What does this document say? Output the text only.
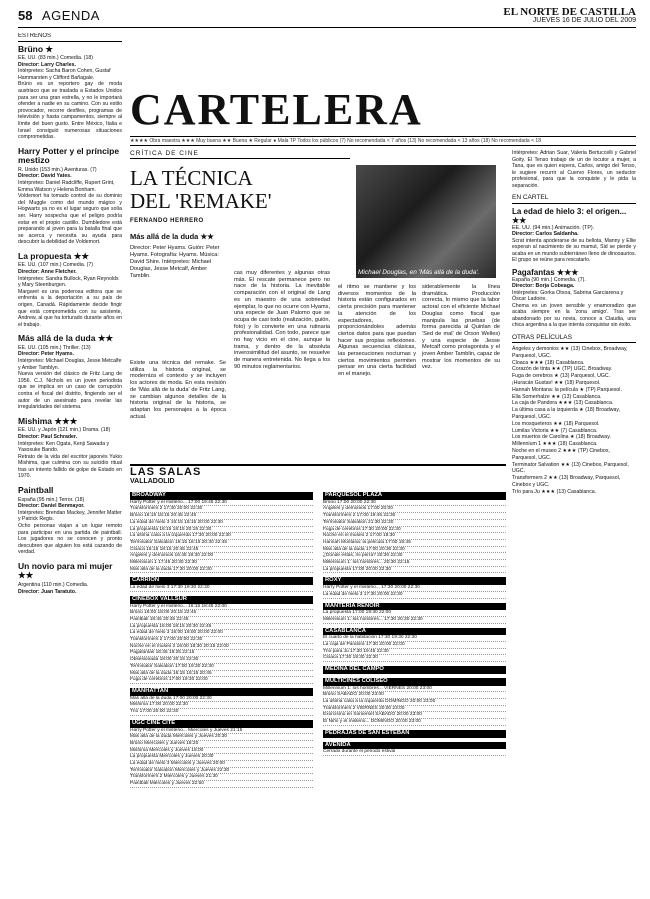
58 AGENDA	EL NORTE DE CASTILLA
JUEVES 16 DE JULIO DEL 2009
ESTRENOS
Brüno ★
EE. UU. (83 min.) Comedia. (18)
Director: Larry Charles.
Intérpretes: Sacha Baron Cohen, Gustaf Hammarsten y Clifford Bañagale.
Brüno es un reportero gay de moda austriaco que se traslada a Estados Unidos para ser una gran estrella, y no le importará ofender a nadie en su camino. Con su estilo provocador, recorre desfiles, programas de televisión y hasta campamentos, siempre al límite del buen gusto. Entre México, Italia e Israel consiguió numerosas situaciones comprometidas.
Harry Potter y el príncipe mestizo
R. Unido (153 min.) Aventuras. (7)
Director: David Yates.
Intérpretes: Daniel Radcliffe, Rupert Grint, Emma Watson y Helena Bonham.
Voldemort ha tomado control de su dominio del Muggle como del mundo mágico y Hogwarts ya no es el lugar seguro que solía ser. Harry sospecha que el peligro podría estar en el propio castillo. Dumbledore está preparando al joven para la batalla final que se acerca y necesita su ayuda para descubrir la debilidad de Voldemort.
La propuesta ★★
EE. UU. (107 min.) Comedia. (7)
Director: Anne Fletcher.
Intérpretes: Sandra Bullock, Ryan Reynolds y Mary Steenburgen.
Margaret es una poderosa editora que se enfrenta a la deportación a su país de origen, Canadá. Rápidamente decide fingir que está comprometida con su asistente, Andrew, al que ha torturado durante años en el trabajo.
Más allá de la duda ★★
EE. UU. (105 min.) Thriller. (13)
Director: Peter Hyams.
Intérpretes: Michael Douglas, Jesse Metcalfe y Amber Tamblyn.
Nueva versión del clásico de Fritz Lang de 1956. C.J. Nichols es un joven periodista que se implica en un caso de corrupción contra el fiscal del distrito, fingiendo ser el autor de un asesinato para revelar las irregularidades del sistema.
Mishima ★★★
EE. UU. y Japón (121 min.) Drama. (18)
Director: Paul Schrader.
Intérpretes: Ken Ogata, Kenji Sawada y Yasosuke Bando.
Retrato de la vida del escritor japonés Yukio Mishima, que culmina con su suicidio ritual tras un intento fallido de golpe de Estado en 1970.
Paintball
España (95 min.) Terror. (18)
Director: Daniel Benmayor.
Intérpretes: Brendan Mackey, Jennifer Matter y Patrick Regis.
Ocho personas viajan a un lugar remoto para participar en una partida de paintball. Los jugadores no se conocen y pronto descubren que alguien los está cazando de verdad.
Un novio para mi mujer ★★
Argentina (110 min.) Comedia.
Director: Juan Taratuto.
CARTELERA
★★★★ Obra maestra ★★★ Muy buena ★★ Buena ★ Regular ● Mala TP Todos los públicos (7) No recomendada < 7 años (13) No recomendada < 13 años (18) No recomendada < 18
CRÍTICA DE CINE
LA TÉCNICA
DEL 'REMAKE'
FERNANDO HERRERO
Más allá de la duda ★★
Director: Peter Hyams. Guión: Peter Hyams. Fotografía: Hyams. Música: David Shire. Intérpretes: Michael Douglas, Jesse Metcalf, Amber Tamblin.
Existe una técnica del remake. Se utiliza la historia original, se moderniza el contexto y se incluyen los actores de moda. En esta revisión de 'Más allá de la duda' de Fritz Lang, se cambian algunos detalles de la historia original de la historia, se adaptan los personajes a la época actual.
cas muy diferentes y algunas otras más. El rescate permanece pero no nace de la historia. La inevitable comparación con el original de Lang es un maestro de una sobriedad ejemplar, lo que no ocurre con Hyams, una especie de Juan Palomo que se ocupa de casi todo (realización, guión, foto) y lo convierte en una rutinaria profesionalidad. Con todo, parece que no hay vicio en el cine, aunque la trama, y dentro de la absoluta inverosimilitud del asunto, se resuelve de manera entretenida. No llega a los 90 minutos reglamentarios.
Michael Douglas, en 'Más allá de la duda'.
el ritmo se mantiene y los diversos momentos de la historia están configurados en cierta precisión para mantener la atención de los espectadores, proporcionándoles además ciertos datos para que puedan hacer sus propias reflexiones. Algunas secuencias clásicas, las persecuciones nocturnas y ciertos movimientos permiten pensar en una cierta facilidad en el manejo.
siderablemente la línea dramática. Producción correcta, lo mismo que la labor actoral con el eficiente Michael Douglas como fiscal que manipula las pruebas (de forma parecida al Quinlan de 'Sed de mal' de Orson Welles) y una especie de Jesse Metcalf como protagonista y el joven Amber Tamblin, capaz de mostrar los momentos de su vez.
Intérpretes: Adrian Suar, Valeria Bertuccelli y Gabriel Goity. El Tenso trabajo de un de locutor a mujer, a Tana, que es quien espera, Carlos, amigo del Tenso, le sugiere recurrir al Cuervo Flores, un seductor profesional, para que la conquiste y le pida la separación.
EN CARTEL
La edad de hielo 3: el origen... ★★
EE. UU. (94 min.) Animación. (TP).
Director: Carlos Saldanha.
Scrat intenta apoderarse de su bellota, Manny y Ellie esperan al nacimiento de su mamut, Sid se pierde y acaba en un mundo subterráneo lleno de dinosaurios. El grupo se reúne para rescatarlo.
Pagafantas ★★★
España (90 min.) Comedia. (7).
Director: Borja Cobeaga.
Intérpretes: Gorka Otxoa, Sabrina Garciarena y Óscar Ladoire.
Chema es un joven sensible y enamoradizo que acaba siempre en la 'zona amigo'. Tras ser abandonado por su novia, conoce a Claudia, una chica argentina a la que intenta conquistar sin éxito.
OTRAS PELÍCULAS
Ángeles y demonios ★★ (13) Cinebox, Broadway, Parquesol, UGC.
Cloaca ★★★ (18) Casablanca.
Corazón de tinta ★★ (TP) UGC, Broadway.
Fuga de cerebros ★ (13) Parquesol, UGC.
¡Huracán Gustav! ★★ (18) Parquesol.
Hannah Montana: la película ★ (TP) Parquesol.
Ella Somerhalze ★★ (13) Casablanca.
La caja de Pandora ★★★ (13) Casablanca.
La última casa a la izquierda ★ (18) Broadway, Parquesol, UGC.
Los mosqueteros ★★ (18) Parquesol.
Lumilas Victoria ★★ (7) Casablanca.
Los muertos de Carolina ★ (18) Broadway.
Millennium 1 ★★★ (18) Casablanca.
Noche en el museo 2 ★★★ (TP) Cinebox, Parquesol, UGC.
Terminator Salvation ★★ (13) Cinebox, Parquesol, UGC.
Transformers 2 ★★ (13) Broadway, Parquesol, Cinebox y UGC.
Trío para Ju ★★★ (13) Casablanca.
LAS SALAS
VALLADOLID
BROADWAY
Harry Potter y el misterio... 17:00 19:45 22:30
Transformers 2 17:30 20:00 22:30
Brüno 16:15 18:15 20:45 22:45
La edad de hielo 3 16:15 18:15 20:00 22:30
La propuesta 16:15 18:15 20:15 22:30
La última casa a la izquierda 17:30 20:00 22:30
Terminator Salvation 16:15 18:15 20:30 22:45
Cloaca 16:15 18:15 20:45 22:45
Ángeles y demonios 16:45 19:30 22:00
Millennium 1 17:45 20:30 22:30
Más allá de la duda 17:30 20:00 22:30
CARRIÓN
La edad de hielo 3 17:30 19:30 22:30
CINEBOX VALLSUR
Harry Potter y el misterio... 16:15 18:45 22:00
Brüno 16:00 18:00 20:15 22:45
Paintball 18:45 20:45 22:45
La propuesta 16:00 18:15 20:30 22:45
La edad de hielo 3 16:00 18:00 20:00 22:00
Transformers 2 17:00 20:00 22:30
Noche en el museo 2 16:00 18:30 20:15 22:00
Pagafantas 16:45 19:25 22:15
Obsesionada 18:00 20:15 22:30
Terminator Salvation 17:00 19:30 22:30
Más allá de la duda 16:15 18:15 20:45
Fuga de cerebros 17:00 19:30 22:00
MANHATTAN
Más allá de la duda 17:00 20:00 22:30
Mishima 17:00 20:00 22:30
Trío 17:00 20:00 22:30
UGC CINÉ CITÉ
Harry Potter y el misterio... Miércoles y Jueves 21:15
Más allá de la duda Miércoles y Jueves 20:30
Brüno Miércoles y Jueves 18:20
Mishima Miércoles y Jueves 18:00
La propuesta Miércoles y Jueves 20:30
La edad de hielo 3 Miércoles y Jueves 20:00
Terminator Salvation Miércoles y Jueves 22:30
Transformers 2 Miércoles y Jueves 21:30
Paintball Miércoles y Jueves 22:50
PARQUESOL PLAZA
Brüno 17:00 20:00 22:30
Ángeles y demonios 17:00 20:00
Transformers 2 17:00 19:45 22:30
Terminator Salvation 21:30 22:30
Fuga de cerebros 17:30 20:00 22:30
Noche en el museo 2 17:00 19:30
Hannah Montana: la película 17:00 19:45
Más allá de la duda 17:00 20:30 22:30
¿Dónde estás, mi perra? 20:30 22:30
Millennium 1: los hombres... 20:30 22:15
La propuesta 17:00 20:00 22:30
ROXY
Harry Potter y el misterio... 17:30 20:00 22:30
La edad de hielo 3 17:30 20:00 22:30
MANTERÍA RENOIR
La propuesta 17:00 19:30 22:00
Millennium 1: los hombres... 17:30 20:30 22:30
CASABLANCA
El cuarto de la habitación 17:30 19:30 22:30
La caja de Pandora 17:30 20:00 22:00
Trío para Ju 17:30 19:45 22:30
Cloaca 17:30 19:30 22:30
MEDINA DEL CAMPO
MULTICINES COLISEO
Millennium 1: los hombres... VIERNES 20:00 23:00
Brüno SÁBADO 20:00 23:00
La última casa a la izquierda DOMINGO 20:00 23:00
Transformers 2 VIERNES 20:00 23:00
Exorcismo en Somerset SÁBADO 20:00 23:00
El Niño y el misterio... DOMINGO 20:00 23:00
PEDRAJAS DE SAN ESTEBAN
AVENIDA
Cerrado durante el periodo estival
